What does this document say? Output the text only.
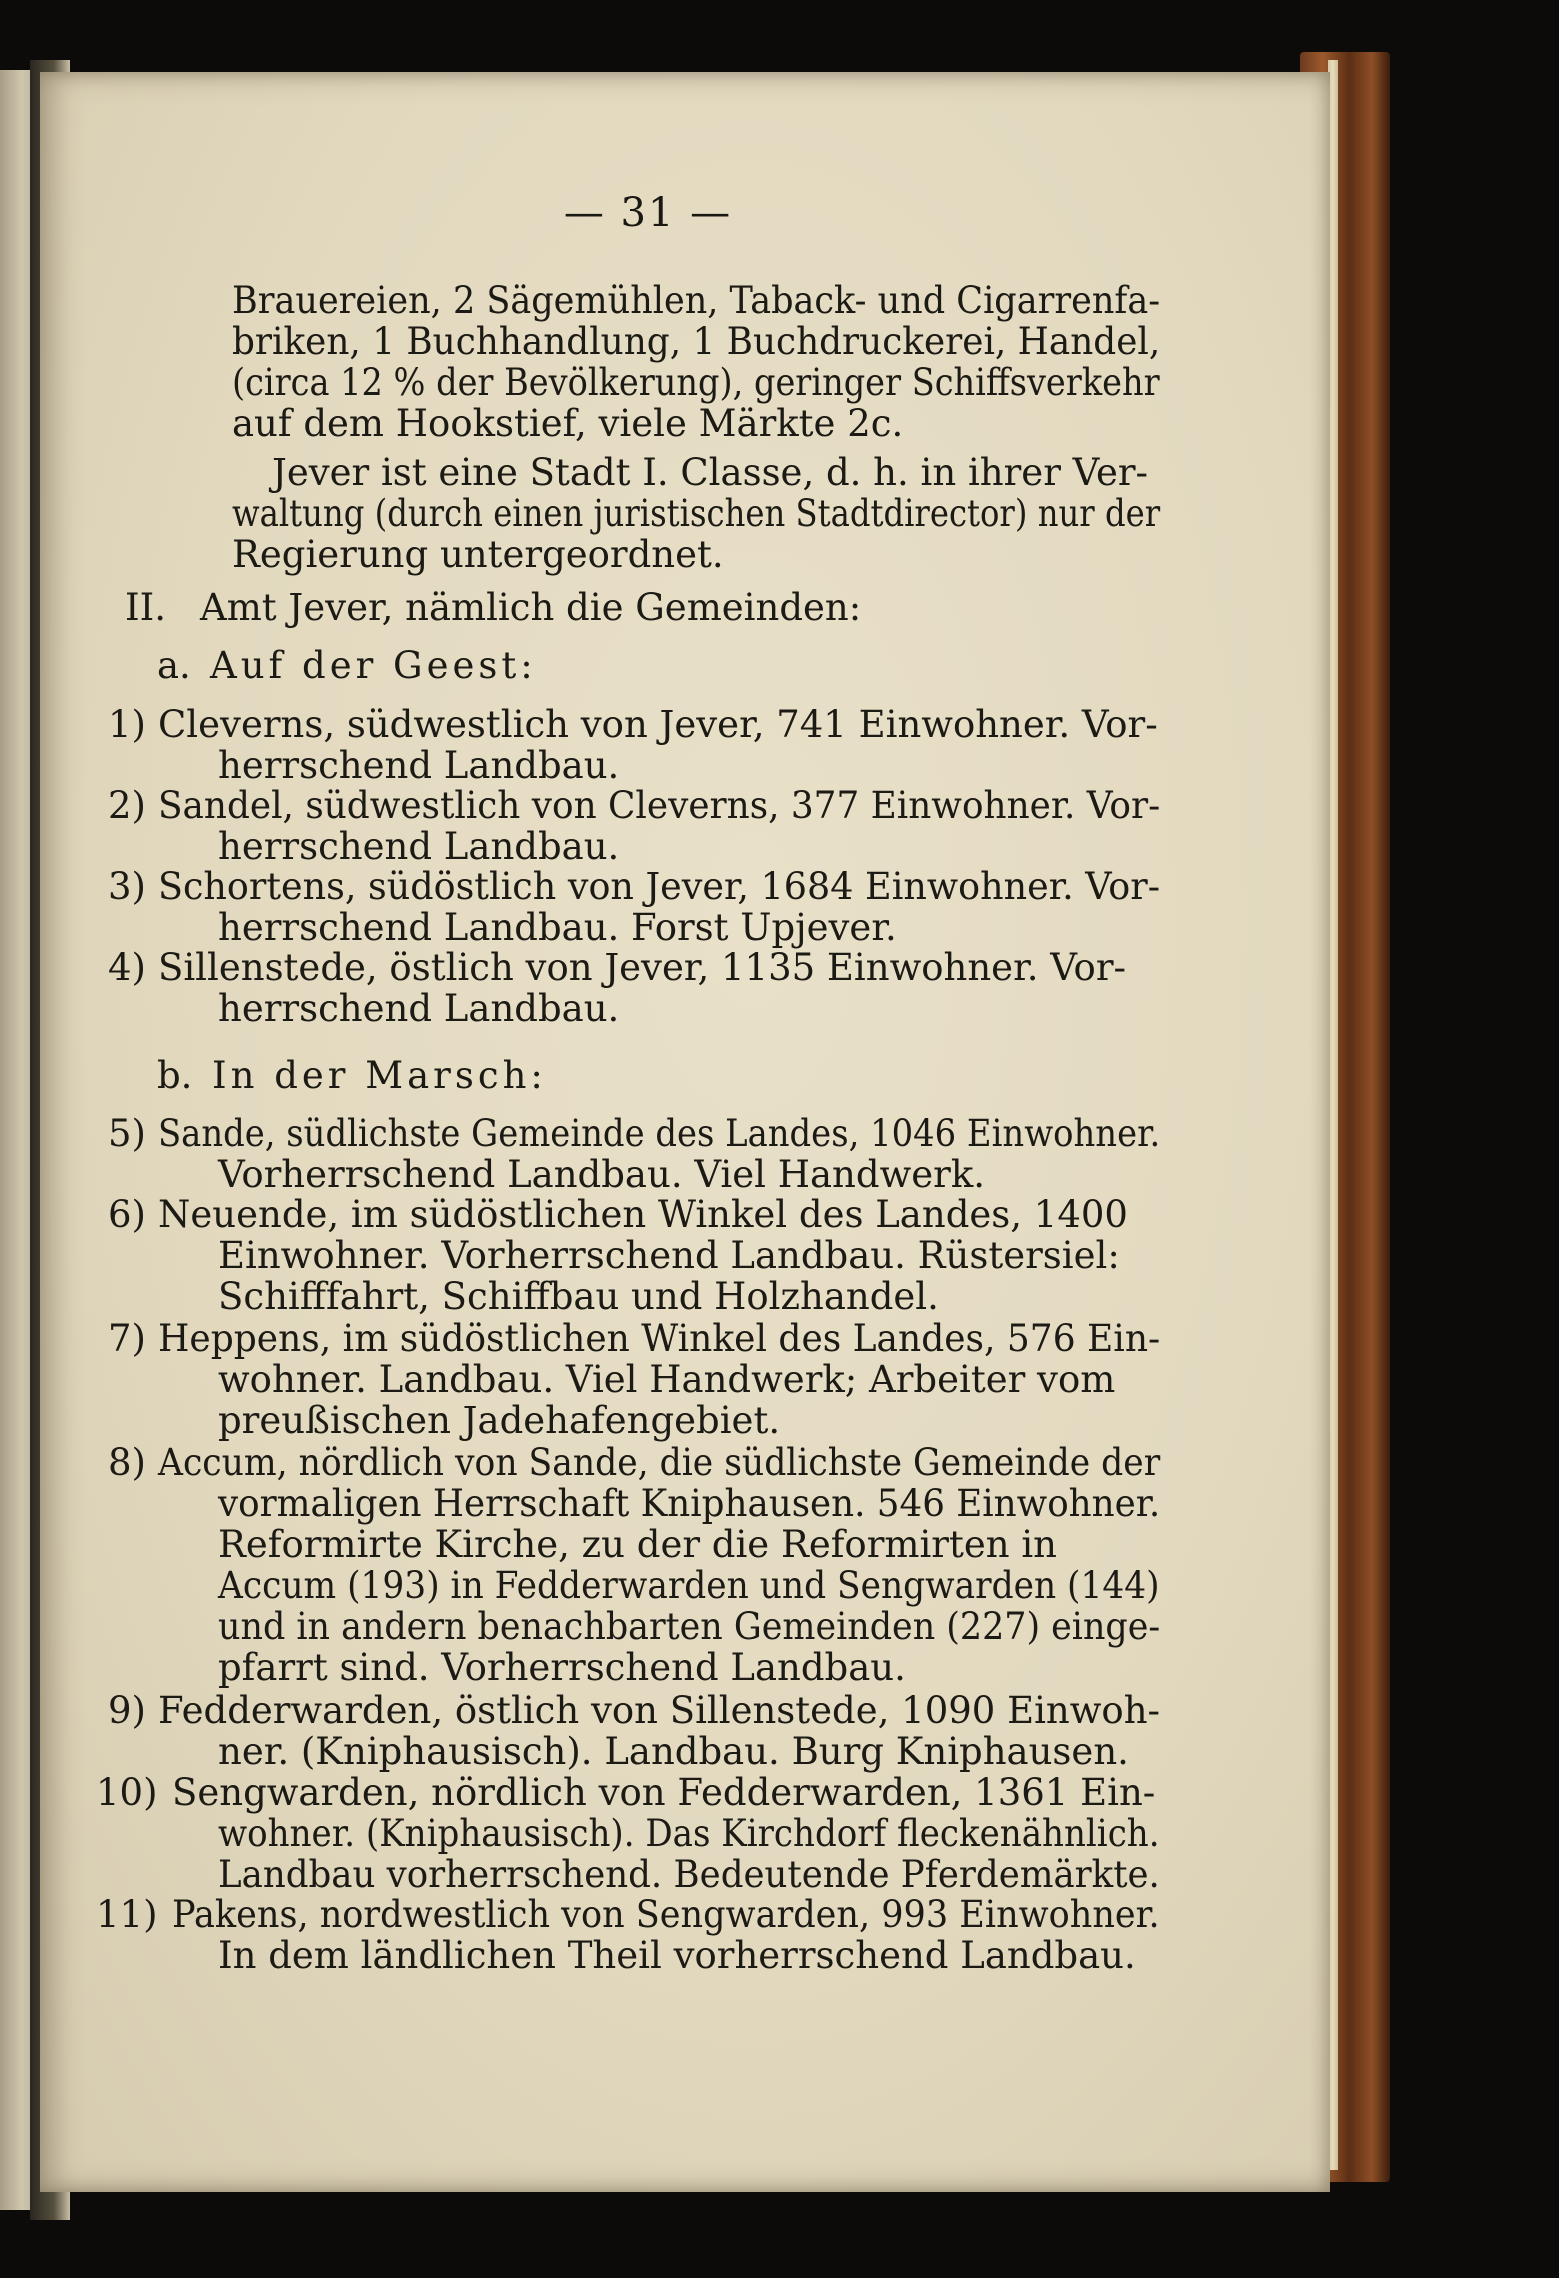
— 31 —
II.
a.
1)
2)
3)
4)
b.
5)
6)
7)
8)
9)
10)
11)
Brauereien, 2 Sägemühlen, Taback- und Cigarrenfa-
briken, 1 Buchhandlung, 1 Buchdruckerei, Handel,
(circa 12 % der Bevölkerung), geringer Schiffsverkehr
auf dem Hookstief, viele Märkte 2c.
Jever ist eine Stadt I. Classe, d. h. in ihrer Ver-
waltung (durch einen juristischen Stadtdirector) nur der
Regierung untergeordnet.
Amt Jever, nämlich die Gemeinden:
Auf der Geest:
Cleverns, südwestlich von Jever, 741 Einwohner. Vor-
herrschend Landbau.
Sandel, südwestlich von Cleverns, 377 Einwohner. Vor-
herrschend Landbau.
Schortens, südöstlich von Jever, 1684 Einwohner. Vor-
herrschend Landbau. Forst Upjever.
Sillenstede, östlich von Jever, 1135 Einwohner. Vor-
herrschend Landbau.
In der Marsch:
Sande, südlichste Gemeinde des Landes, 1046 Einwohner.
Vorherrschend Landbau. Viel Handwerk.
Neuende, im südöstlichen Winkel des Landes, 1400
Einwohner. Vorherrschend Landbau. Rüstersiel:
Schifffahrt, Schiffbau und Holzhandel.
Heppens, im südöstlichen Winkel des Landes, 576 Ein-
wohner. Landbau. Viel Handwerk; Arbeiter vom
preußischen Jadehafengebiet.
Accum, nördlich von Sande, die südlichste Gemeinde der
vormaligen Herrschaft Kniphausen. 546 Einwohner.
Reformirte Kirche, zu der die Reformirten in
Accum (193) in Fedderwarden und Sengwarden (144)
und in andern benachbarten Gemeinden (227) einge-
pfarrt sind. Vorherrschend Landbau.
Fedderwarden, östlich von Sillenstede, 1090 Einwoh-
ner. (Kniphausisch). Landbau. Burg Kniphausen.
Sengwarden, nördlich von Fedderwarden, 1361 Ein-
wohner. (Kniphausisch). Das Kirchdorf fleckenähnlich.
Landbau vorherrschend. Bedeutende Pferdemärkte.
Pakens, nordwestlich von Sengwarden, 993 Einwohner.
In dem ländlichen Theil vorherrschend Landbau.
